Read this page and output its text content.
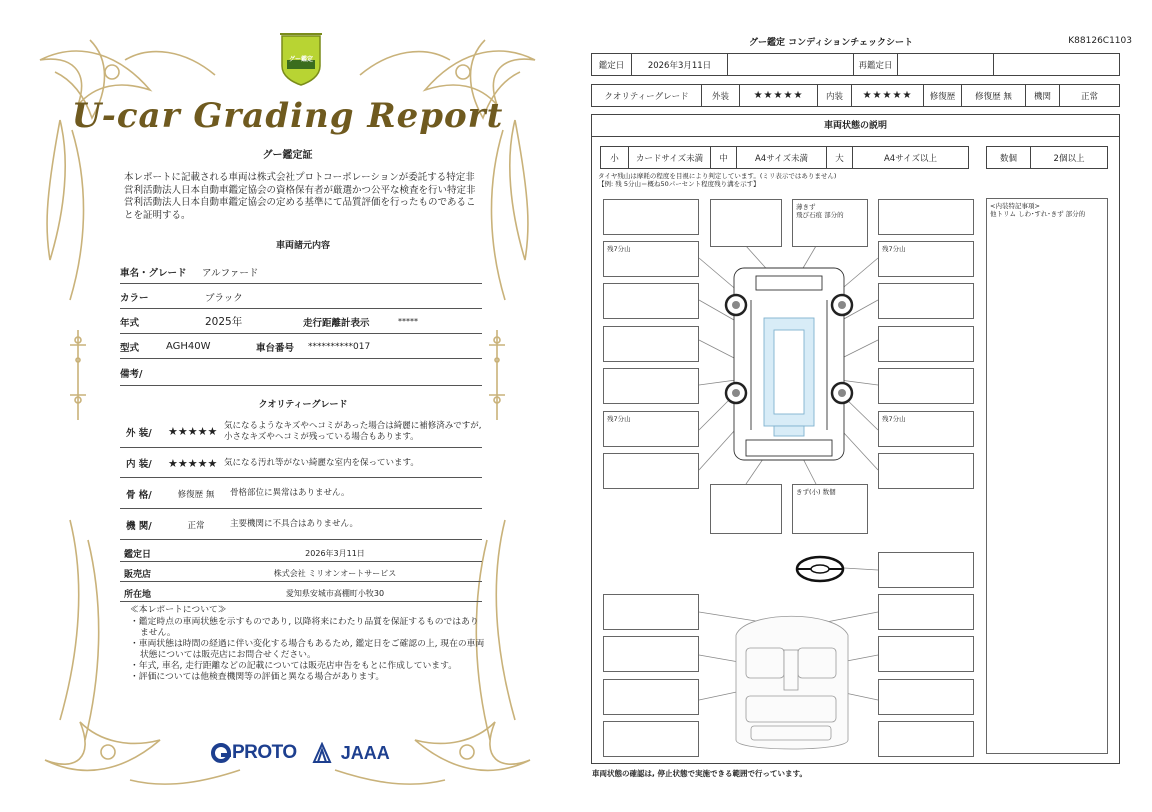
グー鑑定
U-car Grading Report
グー鑑定証
本レポートに記載される車両は株式会社プロトコーポレーションが委託する特定非営利活動法人日本自動車鑑定協会の資格保有者が厳選かつ公平な検査を行い特定非営利活動法人日本自動車鑑定協会の定める基準にて品質評価を行ったものであることを証明する。
車両諸元内容
車名・グレード	アルファード
カラー	ブラック
年式	2025年	走行距離計表示	*****
型式	AGH40W	車台番号	**********017
備考/
クオリティーグレード
外 装/	★★★★★ 気になるようなキズやヘコミがあった場合は綺麗に補修済みですが, 小さなキズやヘコミが残っている場合もあります。
内 装/	★★★★★ 気になる汚れ等がない綺麗な室内を保っています。
骨 格/	修復歴 無	骨格部位に異常はありません。
機 関/	正常	主要機関に不具合はありません。
鑑定日	2026年3月11日
販売店	株式会社 ミリオンオートサービス
所在地	愛知県安城市高棚町小牧30
≪本レポートについて≫
・鑑定時点の車両状態を示すものであり, 以降将来にわたり品質を保証するものではありません。
・車両状態は時間の経過に伴い変化する場合もあるため, 鑑定日をご確認の上, 現在の車両状態については販売店にお問合せください。
・年式, 車名, 走行距離などの記載については販売店申告をもとに作成しています。
・評価については他検査機関等の評価と異なる場合があります。
PROTO JAAA
グー鑑定 コンディションチェックシート	K88126C1103
鑑定日	2026年3月11日		再鑑定日		
クオリティーグレード	外装	★★★★★	内装	★★★★★	修復歴	修復歴 無	機関	正常
車両状態の説明
小	カードサイズ未満	中	A4サイズ未満	大	A4サイズ以上	数個	2個以上
タイヤ残山は摩耗の程度を目視により判定しています。(ミリ表示ではありません)
【例: 残 5分山＝概ね50パーセント程度残り溝を示す】
残7分山
残7分山
残7分山
残7分山
薄きず
飛び石痕 部分的
きず(小) 数個
<内装特記事項>
他トリム しわ･すれ･きず 部分的
車両状態の確認は, 停止状態で実施できる範囲で行っています。
